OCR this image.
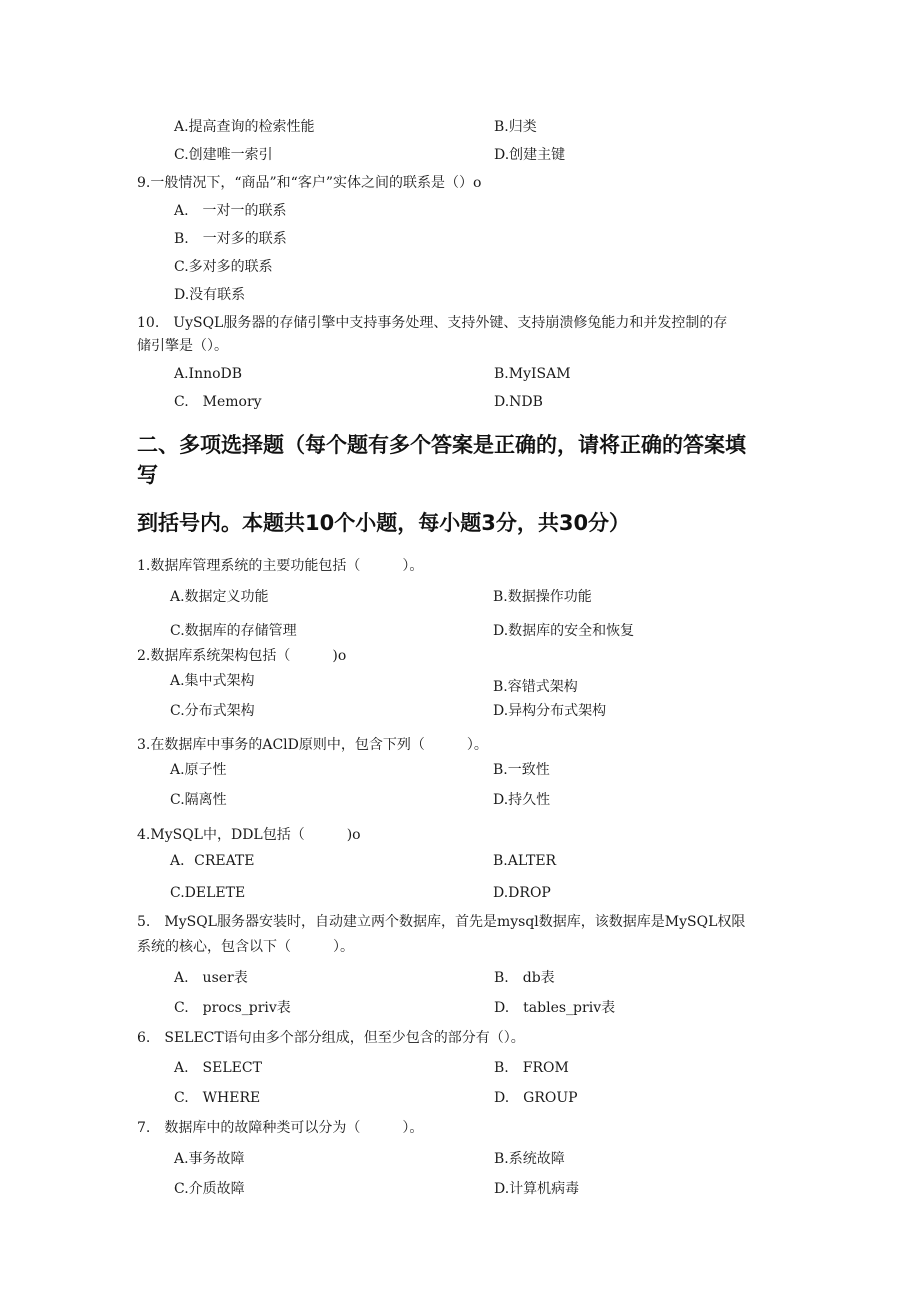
A.提高查询的检索性能	B.归类
C.创建唯一索引	D.创建主键
9.一般情况下，“商品”和“客户”实体之间的联系是（）o
A.　一对一的联系
B.　一对多的联系
C.多对多的联系
D.没有联系
10.　UySQL服务器的存储引擎中支持事务处理、支持外键、支持崩溃修兔能力和并发控制的存
储引擎是（）。
A.InnoDB	B.MyISAM
C.　Memory	D.NDB
二、多项选择题（每个题有多个答案是正确的，请将正确的答案填
写
到括号内。本题共10个小题，每小题3分，共30分）
1.数据库管理系统的主要功能包括（　　　）。
A.数据定义功能	B.数据操作功能
C.数据库的存储管理	D.数据库的安全和恢复
2.数据库系统架构包括（　　　)o
A.集中式架构	B.容错式架构
C.分布式架构	D.异构分布式架构
3.在数据库中事务的AClD原则中，包含下列（　　　）。
A.原子性	B.一致性
C.隔离性	D.持久性
4.MySQL中，DDL包括（　　　)o
A．CREATE	B.ALTER
C.DELETE	D.DROP
5.　MySQL服务器安装时，自动建立两个数据库，首先是mysql数据库，该数据库是MySQL权限
系统的核心，包含以下（　　　）。
A.　user表	B.　db表
C.　procs_priv表	D.　tables_priv表
6.　SELECT语句由多个部分组成，但至少包含的部分有（）。
A.　SELECT	B.　FROM
C.　WHERE	D.　GROUP
7.　数据库中的故障种类可以分为（　　　）。
A.事务故障	B.系统故障
C.介质故障	D.计算机病毒
